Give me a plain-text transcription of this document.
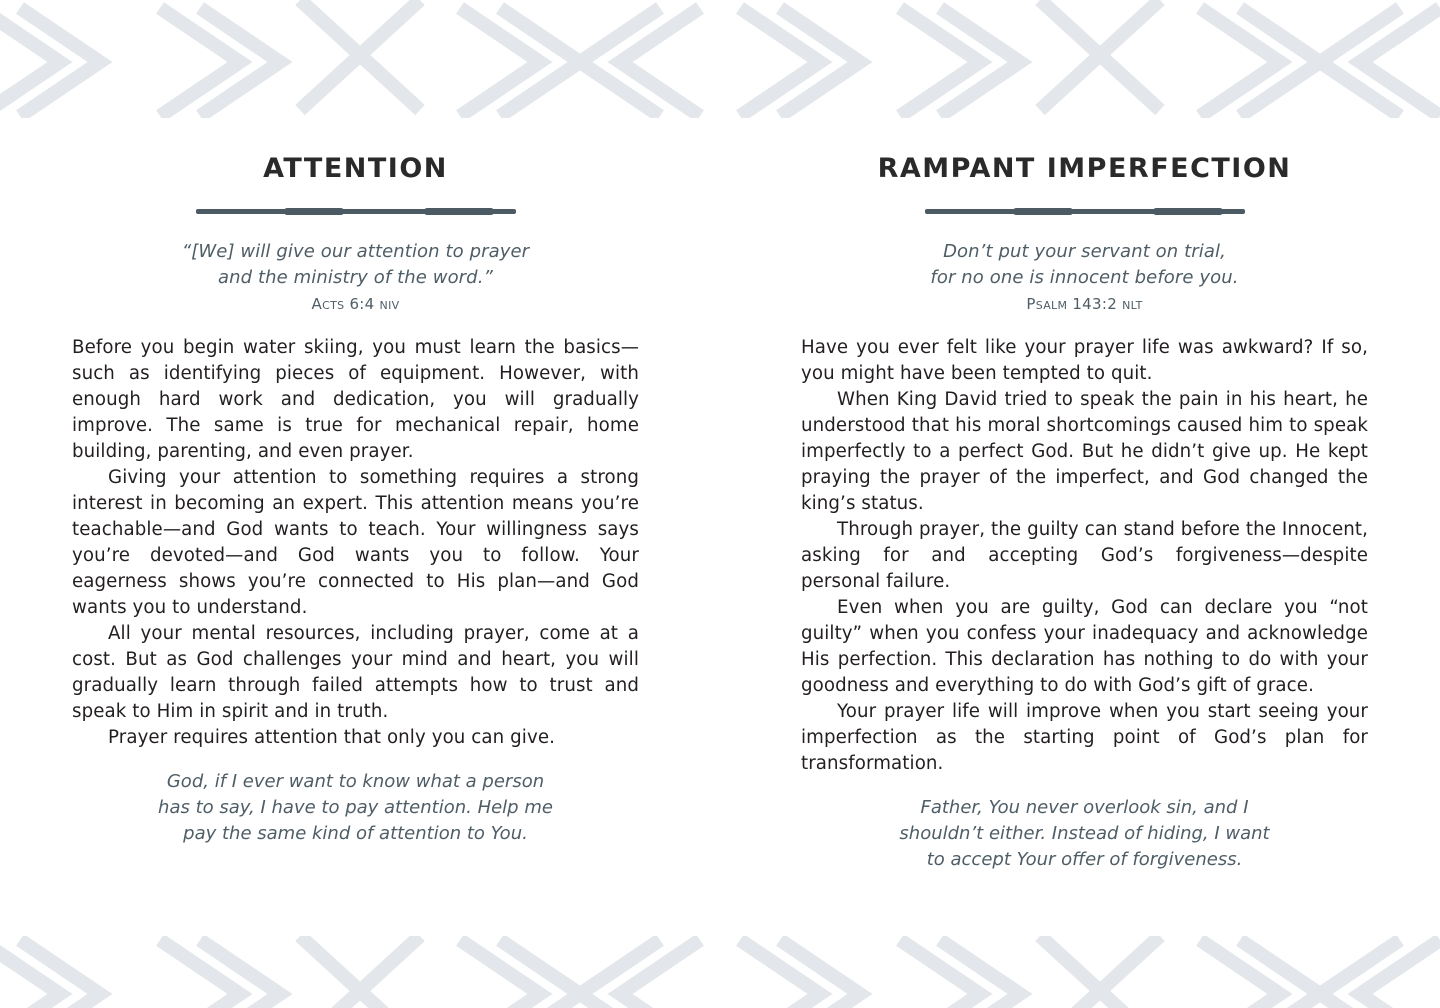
ATTENTION
“[We] will give our attention to prayer
and the ministry of the word.”
Acts 6:4 niv

Before you begin water skiing, you must learn the basics—such as identifying pieces of equipment. However, with enough hard work and dedication, you will gradually improve. The same is true for mechanical repair, home building, parenting, and even prayer.

Giving your attention to something requires a strong interest in becoming an expert. This attention means you’re teachable—and God wants to teach. Your willingness says you’re devoted—and God wants you to follow. Your eagerness shows you’re connected to His plan—and God wants you to understand.

All your mental resources, including prayer, come at a cost. But as God challenges your mind and heart, you will gradually learn through failed attempts how to trust and speak to Him in spirit and in truth.

Prayer requires attention that only you can give.

God, if I ever want to know what a person
has to say, I have to pay attention. Help me
pay the same kind of attention to You.
RAMPANT IMPERFECTION
Don’t put your servant on trial,
for no one is innocent before you.
Psalm 143:2 nlt

Have you ever felt like your prayer life was awkward? If so, you might have been tempted to quit.

When King David tried to speak the pain in his heart, he understood that his moral shortcomings caused him to speak imperfectly to a perfect God. But he didn’t give up. He kept praying the prayer of the imperfect, and God changed the king’s status.

Through prayer, the guilty can stand before the Innocent, asking for and accepting God’s forgiveness—despite personal failure.

Even when you are guilty, God can declare you “not guilty” when you confess your inadequacy and acknowledge His perfection. This declaration has nothing to do with your goodness and everything to do with God’s gift of grace.

Your prayer life will improve when you start seeing your imperfection as the starting point of God’s plan for transformation.

Father, You never overlook sin, and I
shouldn’t either. Instead of hiding, I want
to accept Your offer of forgiveness.
